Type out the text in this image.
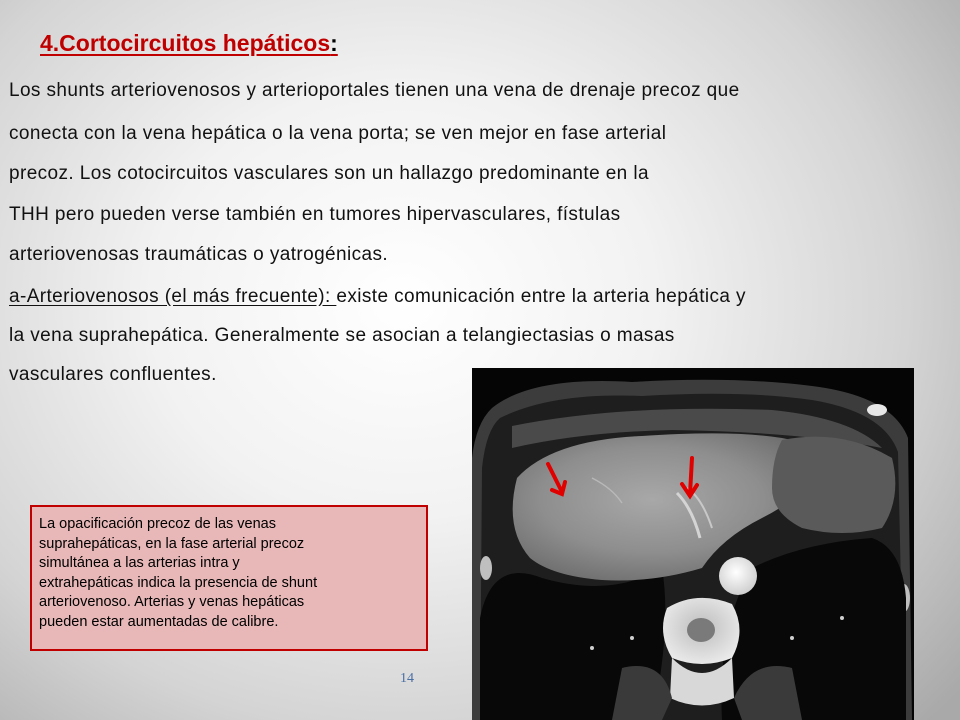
4.Cortocircuitos hepáticos:

Los shunts arteriovenosos y arterioportales tienen una vena de drenaje precoz que

conecta con la vena hepática o la vena porta; se ven mejor en fase arterial

precoz. Los cotocircuitos vasculares son un hallazgo predominante en la

THH pero pueden verse también en tumores hipervasculares, fístulas

arteriovenosas traumáticas o yatrogénicas.

a-Arteriovenosos (el más frecuente): existe comunicación entre la arteria hepática y

la vena suprahepática. Generalmente se asocian a telangiectasias o masas

vasculares confluentes.

La opacificación precoz de las venas
suprahepáticas, en la fase arterial precoz
simultánea a las arterias intra y
extrahepáticas indica la presencia de shunt
arteriovenoso. Arterias y venas hepáticas
pueden estar aumentadas de calibre.
14
